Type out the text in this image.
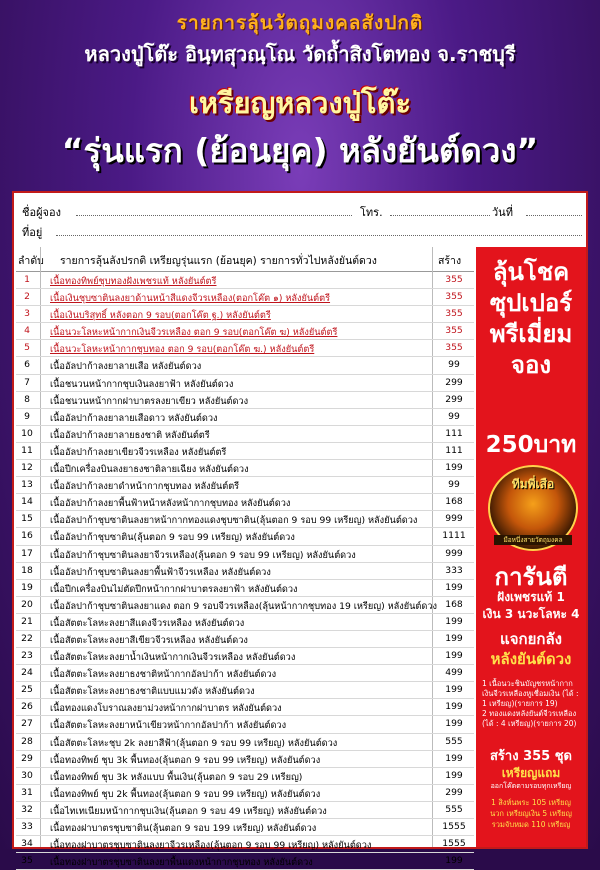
รายการลุ้นวัตถุมงคลสังปกติ
หลวงปู่โต๊ะ อินฺทสุวณฺโณ วัดถ้ำสิงโตทอง จ.ราชบุรี
เหรียญหลวงปู่โต๊ะ
“รุ่นแรก (ย้อนยุค) หลังยันต์ดวง”
ชื่อผู้จอง	โทร.	วันที่
ที่อยู่
ลำดับ รายการลุ้นลังปรกติ เหรียญรุ่นแรก (ย้อนยุค) รายการทั่วไปหลังยันต์ดวง	สร้าง
1	เนื้อทองทิพย์ชุบทองฝังเพชรแท้ หลังยันต์ตรี	355
2	เนื้อเงินชุบซาตินลงยาด้านหน้าสีแดงจีวรเหลือง(ตอกโค๊ต ๑) หลังยันต์ตรี	355
3	เนื้อเงินบริสุทธิ์ หลังตอก 9 รอบ(ตอกโค๊ต ฐ.) หลังยันต์ตรี	355
4	เนื้อนวะโลหะหน้ากากเงินจีวรเหลือง ตอก 9 รอบ(ตอกโค๊ต ฆ) หลังยันต์ตรี	355
5	เนื้อนวะโลหะหน้ากากชุบทอง ตอก 9 รอบ(ตอกโค๊ต ฆ.) หลังยันต์ตรี	355
6	เนื้ออัลปาก้าลงยาลายเสือ หลังยันต์ดวง	99
7	เนื้อชนวนหน้ากากชุบเงินลงยาฟ้า หลังยันต์ดวง	299
8	เนื้อชนวนหน้ากากฝาบาตรลงยาเขียว หลังยันต์ดวง	299
9	เนื้ออัลปาก้าลงยาลายเสือดาว หลังยันต์ดวง	99
10	เนื้ออัลปาก้าลงยาลายธงชาติ หลังยันต์ตรี	111
11	เนื้ออัลปาก้าลงยาเขียวจีวรเหลือง หลังยันต์ตรี	111
12	เนื้อปีกเครื่องบินลงยาธงชาติลายเฉียง หลังยันต์ดวง	199
13	เนื้ออัลปาก้าลงยาดำหน้ากากชุบทอง หลังยันต์ตรี	99
14	เนื้ออัลปาก้าลงยาพื้นฟ้าหน้าหลังหน้ากากชุบทอง หลังยันต์ดวง	168
15	เนื้ออัลปาก้าชุบซาตินลงยาหน้ากากทองแดงชุบซาติน(ลุ้นตอก 9 รอบ 99 เหรียญ) หลังยันต์ดวง	999
16	เนื้ออัลปาก้าชุบซาติน(ลุ้นตอก 9 รอบ 99 เหรียญ) หลังยันต์ดวง	1111
17	เนื้ออัลปาก้าชุบซาตินลงยาจีวรเหลือง(ลุ้นตอก 9 รอบ 99 เหรียญ) หลังยันต์ดวง	999
18	เนื้ออัลปาก้าชุบซาตินลงยาพื้นฟ้าจีวรเหลือง หลังยันต์ดวง	333
19	เนื้อปีกเครื่องบินไม่ตัดปีกหน้ากากฝาบาตรลงยาฟ้า หลังยันต์ดวง	199
20	เนื้ออัลปาก้าชุบซาตินลงยาแดง ตอก 9 รอบจีวรเหลือง(ลุ้นหน้ากากชุบทอง 19 เหรียญ) หลังยันต์ดวง 168
21	เนื้อสัตตะโลหะลงยาสีแดงจีวรเหลือง หลังยันต์ดวง	199
22	เนื้อสัตตะโลหะลงยาสีเขียวจีวรเหลือง หลังยันต์ดวง	199
23	เนื้อสัตตะโลหะลงยาน้ำเงินหน้ากากเงินจีวรเหลือง หลังยันต์ดวง	199
24	เนื้อสัตตะโลหะลงยาธงชาติหน้ากากอัลปาก้า หลังยันต์ดวง	499
25	เนื้อสัตตะโลหะลงยาธงชาติแบบแมวดัง หลังยันต์ดวง	199
26	เนื้อทองแดงโบราณลงยาม่วงหน้ากากฝาบาตร หลังยันต์ดวง	199
27	เนื้อสัตตะโลหะลงยาหน้าเขียวหน้ากากอัลปาก้า หลังยันต์ดวง	199
28	เนื้อสัตตะโลหะชุบ 2k ลงยาสีฟ้า(ลุ้นตอก 9 รอบ 99 เหรียญ) หลังยันต์ดวง	555
29	เนื้อทองทิพย์ ชุบ 3k พื้นทอง(ลุ้นตอก 9 รอบ 99 เหรียญ) หลังยันต์ดวง	199
30	เนื้อทองทิพย์ ชุบ 3k หลังแบบ พื้นเงิน(ลุ้นตอก 9 รอบ 29 เหรียญ)	199
31	เนื้อทองทิพย์ ชุบ 2k พื้นทอง(ลุ้นตอก 9 รอบ 99 เหรียญ) หลังยันต์ดวง	299
32	เนื้อไทเทเนียมหน้ากากชุบเงิน(ลุ้นตอก 9 รอบ 49 เหรียญ) หลังยันต์ดวง	555
33	เนื้อทองฝาบาตรชุบซาติน(ลุ้นตอก 9 รอบ 199 เหรียญ) หลังยันต์ดวง	1555
34	เนื้อทองฝาบาตรชุบซาตินลงยาจีวรเหลือง(ลุ้นตอก 9 รอบ 99 เหรียญ) หลังยันต์ดวง	1555
35	เนื้อทองฝาบาตรชุบซาตินลงยาพื้นแดงหน้ากากชุบทอง หลังยันต์ดวง	199
ลุ้นโชค
ซุปเปอร์
พรีเมี่ยม
จอง
250บาท
ทีมพี่เสือ
มือหนึ่งสายวัตถุมงคล
การันตี
ฝังเพชรแท้ 1
เงิน 3 นวะโลหะ 4
แจกยกลัง
หลังยันต์ดวง
1 เนื้อนวะชินบัญชรหน้ากากเงินจีวรเหลืองหูเชื่อมเงิน (ได้ : 1 เหรียญ)(รายการ 19)
2 ทองแดงหลังยันต์จีวรเหลือง (ได้ : 4 เหรียญ)(รายการ 20)
สร้าง 355 ชุด
เหรียญแถม
ออกโค๊ตตามรอบทุกเหรียญ
1 สิงห์นพระ 105 เหรียญ
นวก เหรียญเงิน 5 เหรียญ
รวมจับหมด 110 เหรียญ
